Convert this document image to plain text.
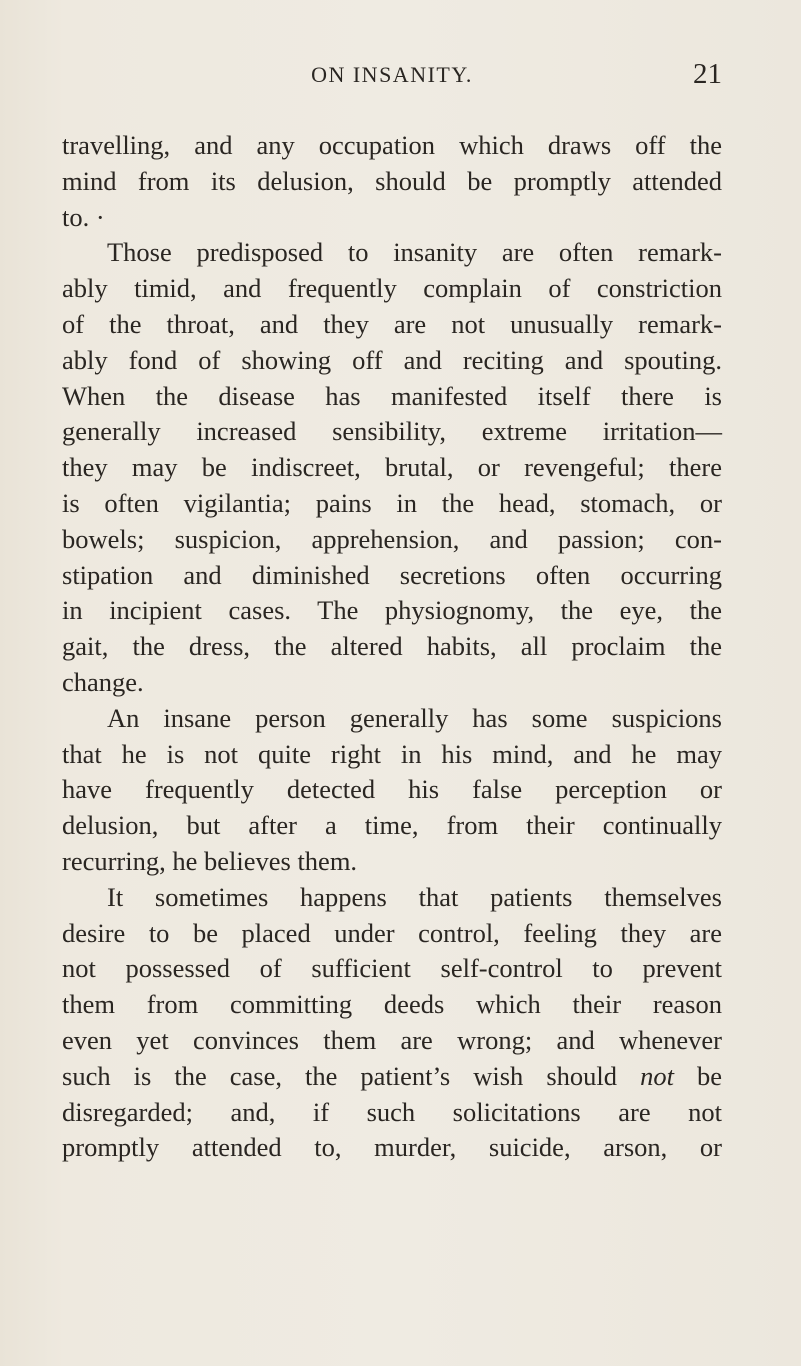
ON INSANITY.	21
travelling, and any occupation which draws off the
mind from its delusion, should be promptly attended
to. ·
Those predisposed to insanity are often remark-
ably timid, and frequently complain of constriction
of the throat, and they are not unusually remark-
ably fond of showing off and reciting and spouting.
When the disease has manifested itself there is
generally increased sensibility, extreme irritation—
they may be indiscreet, brutal, or revengeful; there
is often vigilantia; pains in the head, stomach, or
bowels; suspicion, apprehension, and passion; con-
stipation and diminished secretions often occurring
in incipient cases. The physiognomy, the eye, the
gait, the dress, the altered habits, all proclaim the
change.
An insane person generally has some suspicions
that he is not quite right in his mind, and he may
have frequently detected his false perception or
delusion, but after a time, from their continually
recurring, he believes them.
It sometimes happens that patients themselves
desire to be placed under control, feeling they are
not possessed of sufficient self-control to prevent
them from committing deeds which their reason
even yet convinces them are wrong; and whenever
such is the case, the patient’s wish should not be
disregarded; and, if such solicitations are not
promptly attended to, murder, suicide, arson, or
